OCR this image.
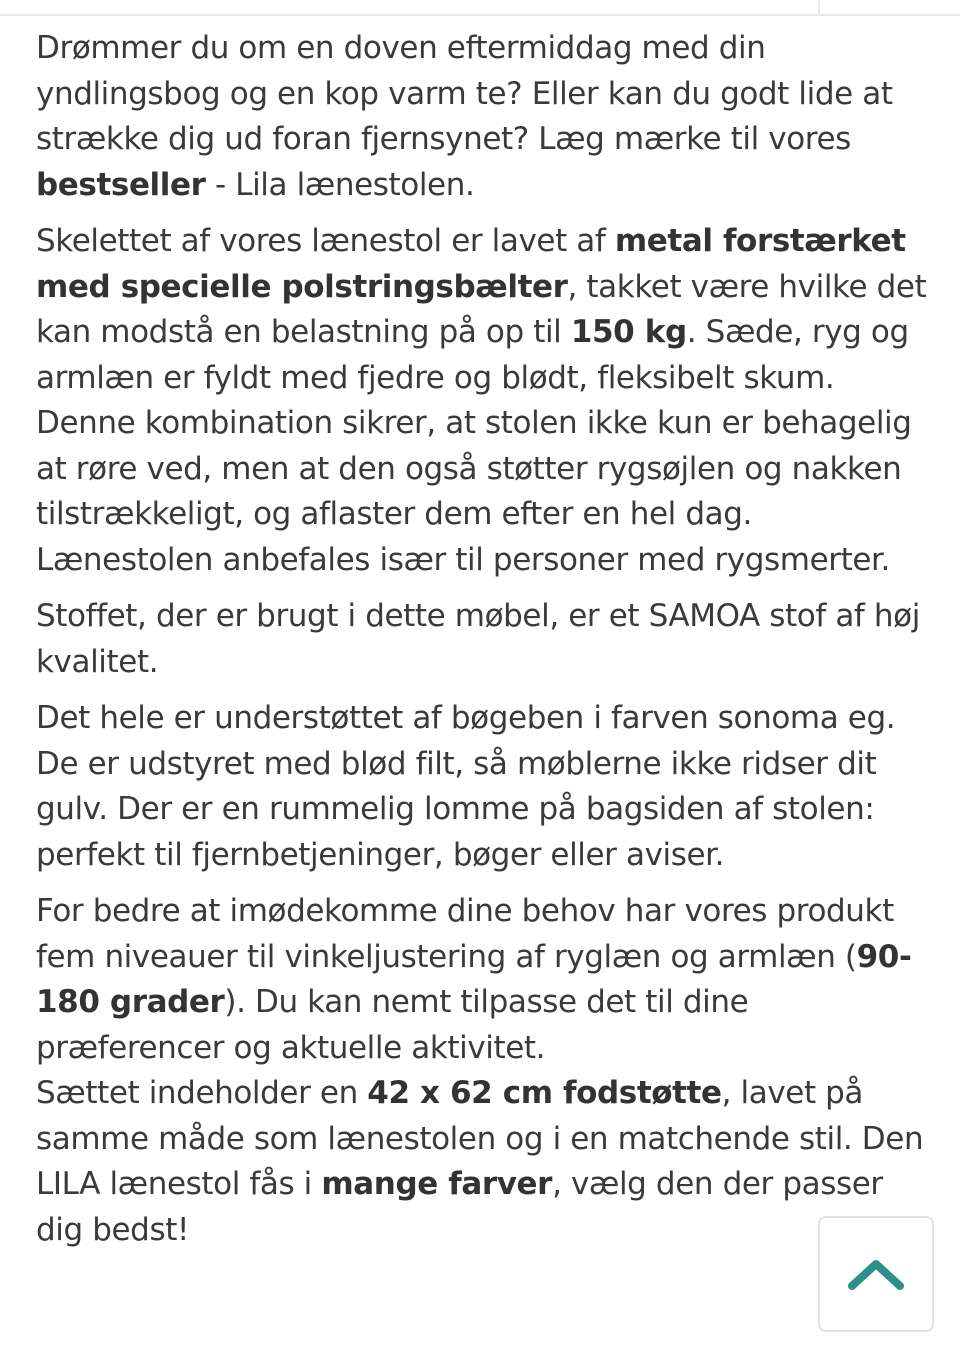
Drømmer du om en doven eftermiddag med din yndlingsbog og en kop varm te? Eller kan du godt lide at strække dig ud foran fjernsynet? Læg mærke til vores bestseller - Lila lænestolen.

Skelettet af vores lænestol er lavet af metal forstærket med specielle polstringsbælter, takket være hvilke det kan modstå en belastning på op til 150 kg. Sæde, ryg og armlæn er fyldt med fjedre og blødt, fleksibelt skum. Denne kombination sikrer, at stolen ikke kun er behagelig at røre ved, men at den også støtter rygsøjlen og nakken tilstrækkeligt, og aflaster dem efter en hel dag. Lænestolen anbefales især til personer med rygsmerter.

Stoffet, der er brugt i dette møbel, er et SAMOA stof af høj kvalitet.

Det hele er understøttet af bøgeben i farven sonoma eg. De er udstyret med blød filt, så møblerne ikke ridser dit gulv. Der er en rummelig lomme på bagsiden af stolen: perfekt til fjernbetjeninger, bøger eller aviser.

For bedre at imødekomme dine behov har vores produkt fem niveauer til vinkeljustering af ryglæn og armlæn (90-180 grader). Du kan nemt tilpasse det til dine præferencer og aktuelle aktivitet.

Sættet indeholder en 42 x 62 cm fodstøtte, lavet på samme måde som lænestolen og i en matchende stil. Den LILA lænestol fås i mange farver, vælg den der passer dig bedst!
